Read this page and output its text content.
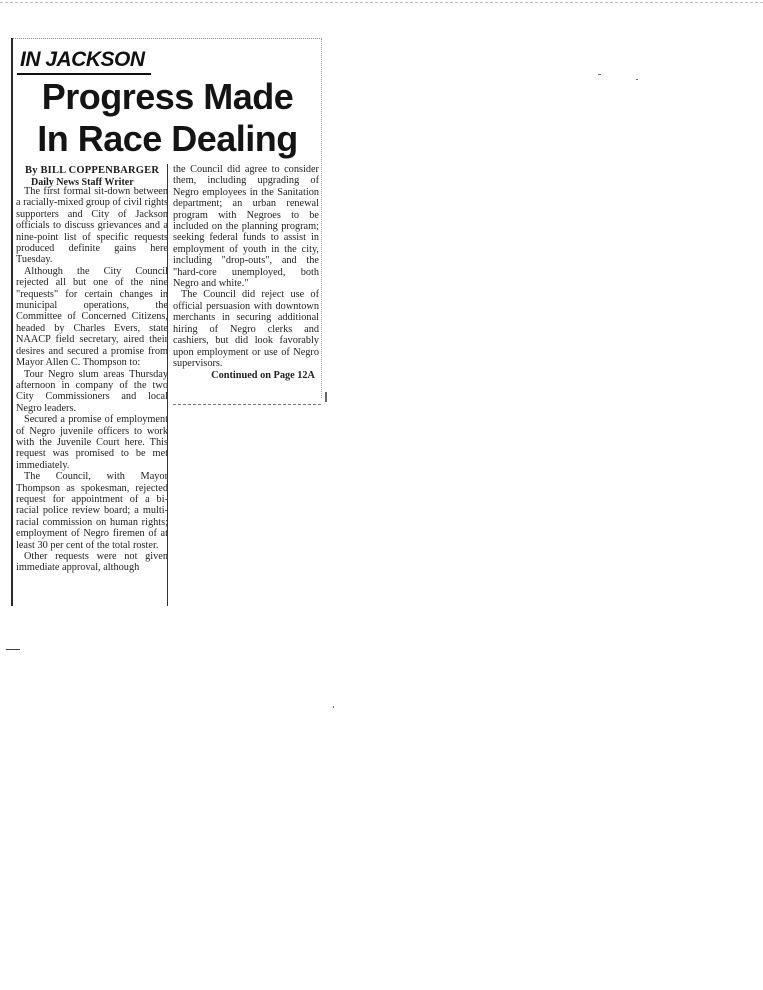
IN JACKSON
Progress Made
In Race Dealing
By BILL COPPENBARGER
Daily News Staff Writer

The first formal sit-down between a racially-mixed group of civil rights supporters and City of Jackson officials to discuss grievances and a nine-point list of specific requests produced definite gains here Tuesday.

Although the City Council rejected all but one of the nine "requests" for certain changes in municipal operations, the Committee of Concerned Citizens, headed by Charles Evers, state NAACP field secretary, aired their desires and secured a promise from Mayor Allen C. Thompson to:

Tour Negro slum areas Thursday afternoon in company of the two City Commissioners and local Negro leaders.

Secured a promise of employment of Negro juvenile officers to work with the Juvenile Court here. This request was promised to be met immediately.

The Council, with Mayor Thompson as spokesman, rejected request for appointment of a bi-racial police review board; a multi-racial commission on human rights; employment of Negro firemen of at least 30 per cent of the total roster.

Other requests were not given immediate approval, although

the Council did agree to consider them, including upgrading of Negro employees in the Sanitation department; an urban renewal program with Negroes to be included on the planning program; seeking federal funds to assist in employment of youth in the city, including "drop-outs", and the "hard-core unemployed, both Negro and white."

The Council did reject use of official persuasion with downtown merchants in securing additional hiring of Negro clerks and cashiers, but did look favorably upon employment or use of Negro supervisors.

Continued on Page 12A
